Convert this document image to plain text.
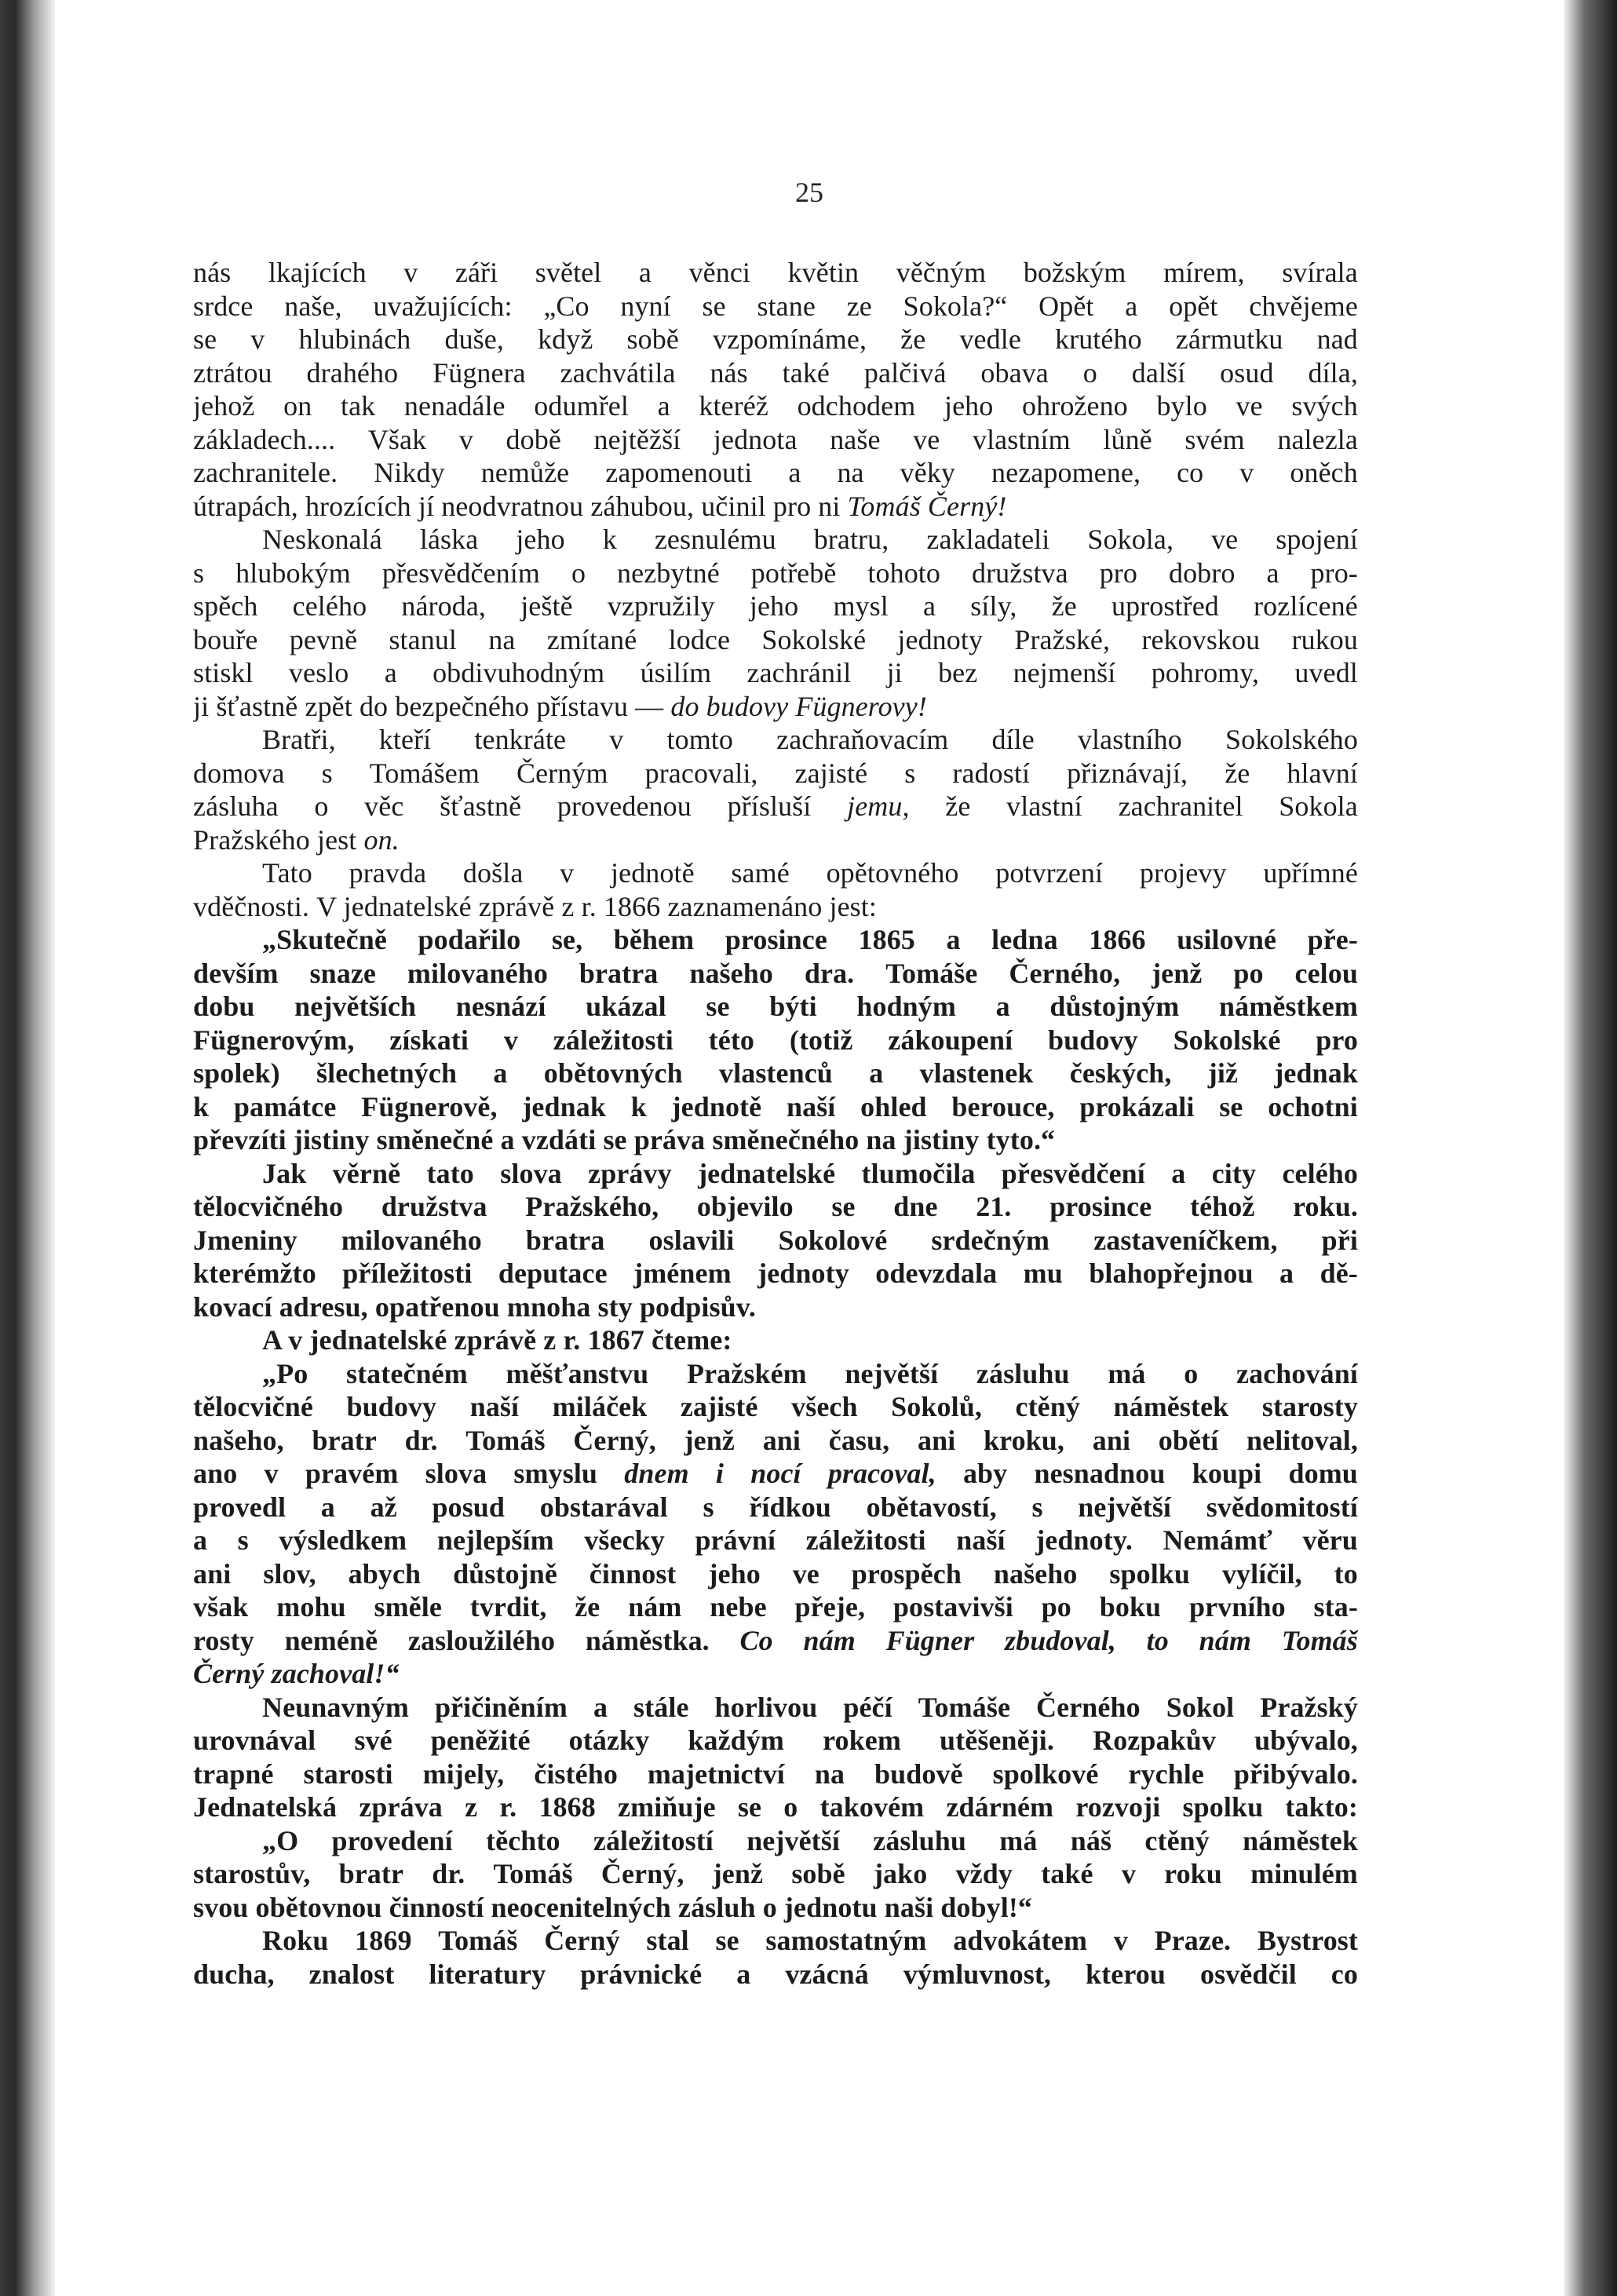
25
nás lkajících v záři světel a věnci květin věčným božským mírem, svírala
srdce naše, uvažujících: „Co nyní se stane ze Sokola?“ Opět a opět chvějeme
se v hlubinách duše, když sobě vzpomínáme, že vedle krutého zármutku nad
ztrátou drahého Fügnera zachvátila nás také palčivá obava o další osud díla,
jehož on tak nenadále odumřel a kteréž odchodem jeho ohroženo bylo ve svých
základech.... Však v době nejtěžší jednota naše ve vlastním lůně svém nalezla
zachranitele. Nikdy nemůže zapomenouti a na věky nezapomene, co v oněch
útrapách, hrozících jí neodvratnou záhubou, učinil pro ni Tomáš Černý!
Neskonalá láska jeho k zesnulému bratru, zakladateli Sokola, ve spojení
s hlubokým přesvědčením o nezbytné potřebě tohoto družstva pro dobro a pro-
spěch celého národa, ještě vzpružily jeho mysl a síly, že uprostřed rozlícené
bouře pevně stanul na zmítané lodce Sokolské jednoty Pražské, rekovskou rukou
stiskl veslo a obdivuhodným úsilím zachránil ji bez nejmenší pohromy, uvedl
ji šťastně zpět do bezpečného přístavu — do budovy Fügnerovy!
Bratři, kteří tenkráte v tomto zachraňovacím díle vlastního Sokolského
domova s Tomášem Černým pracovali, zajisté s radostí přiznávají, že hlavní
zásluha o věc šťastně provedenou přísluší jemu, že vlastní zachranitel Sokola
Pražského jest on.
Tato pravda došla v jednotě samé opětovného potvrzení projevy upřímné
vděčnosti. V jednatelské zprávě z r. 1866 zaznamenáno jest:
„Skutečně podařilo se, během prosince 1865 a ledna 1866 usilovné pře-
devším snaze milovaného bratra našeho dra. Tomáše Černého, jenž po celou
dobu největších nesnází ukázal se býti hodným a důstojným náměstkem
Fügnerovým, získati v záležitosti této (totiž zákoupení budovy Sokolské pro
spolek) šlechetných a obětovných vlastenců a vlastenek českých, již jednak
k památce Fügnerově, jednak k jednotě naší ohled berouce, prokázali se ochotni
převzíti jistiny směnečné a vzdáti se práva směnečného na jistiny tyto.“
Jak věrně tato slova zprávy jednatelské tlumočila přesvědčení a city celého
tělocvičného družstva Pražského, objevilo se dne 21. prosince téhož roku.
Jmeniny milovaného bratra oslavili Sokolové srdečným zastaveníčkem, při
kterémžto příležitosti deputace jménem jednoty odevzdala mu blahopřejnou a dě-
kovací adresu, opatřenou mnoha sty podpisův.
A v jednatelské zprávě z r. 1867 čteme:
„Po statečném měšťanstvu Pražském největší zásluhu má o zachování
tělocvičné budovy naší miláček zajisté všech Sokolů, ctěný náměstek starosty
našeho, bratr dr. Tomáš Černý, jenž ani času, ani kroku, ani obětí nelitoval,
ano v pravém slova smyslu dnem i nocí pracoval, aby nesnadnou koupi domu
provedl a až posud obstarával s řídkou obětavostí, s největší svědomitostí
a s výsledkem nejlepším všecky právní záležitosti naší jednoty. Nemámť věru
ani slov, abych důstojně činnost jeho ve prospěch našeho spolku vylíčil, to
však mohu směle tvrdit, že nám nebe přeje, postavivši po boku prvního sta-
rosty neméně zasloužilého náměstka. Co nám Fügner zbudoval, to nám Tomáš
Černý zachoval!“
Neunavným přičiněním a stále horlivou péčí Tomáše Černého Sokol Pražský
urovnával své peněžité otázky každým rokem utěšeněji. Rozpakův ubývalo,
trapné starosti mijely, čistého majetnictví na budově spolkové rychle přibývalo.
Jednatelská zpráva z r. 1868 zmiňuje se o takovém zdárném rozvoji spolku takto:
„O provedení těchto záležitostí největší zásluhu má náš ctěný náměstek
starostův, bratr dr. Tomáš Černý, jenž sobě jako vždy také v roku minulém
svou obětovnou činností neocenitelných zásluh o jednotu naši dobyl!“
Roku 1869 Tomáš Černý stal se samostatným advokátem v Praze. Bystrost
ducha, znalost literatury právnické a vzácná výmluvnost, kterou osvědčil co
